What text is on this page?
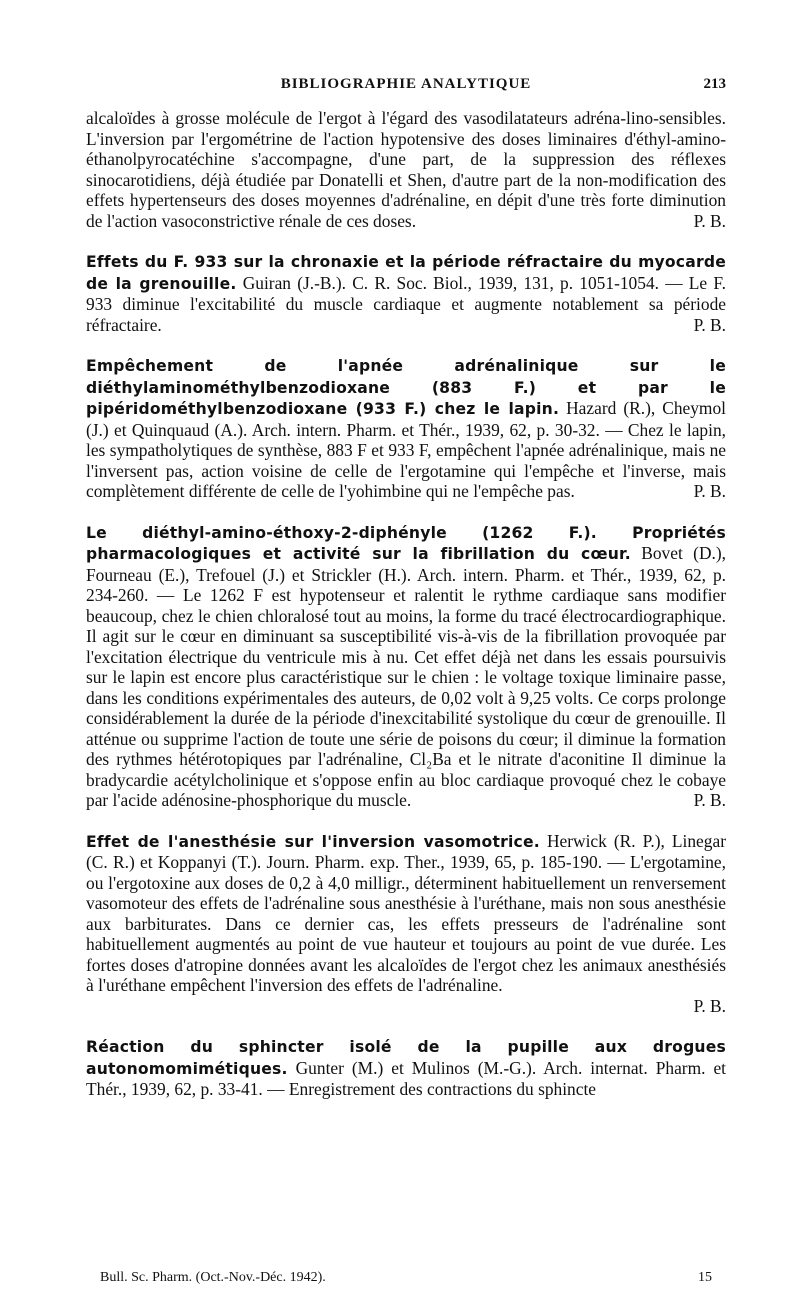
BIBLIOGRAPHIE ANALYTIQUE	213

alcaloïdes à grosse molécule de l'ergot à l'égard des vasodilatateurs adréna-lino-sensibles. L'inversion par l'ergométrine de l'action hypotensive des doses liminaires d'éthyl-amino-éthanolpyrocatéchine s'accompagne, d'une part, de la suppression des réflexes sinocarotidiens, déjà étudiée par Donatelli et Shen, d'autre part de la non-modification des effets hypertenseurs des doses moyennes d'adrénaline, en dépit d'une très forte diminution de l'action vasoconstrictive rénale de ces doses.	P. B.

Effets du F. 933 sur la chronaxie et la période réfractaire du myocarde de la grenouille. Guiran (J.-B.). C. R. Soc. Biol., 1939, 131, p. 1051-1054. — Le F. 933 diminue l'excitabilité du muscle cardiaque et augmente notablement sa période réfractaire.	P. B.

Empêchement de l'apnée adrénalinique sur le diéthylaminométhylbenzodioxane (883 F.) et par le pipéridométhylbenzodioxane (933 F.) chez le lapin. Hazard (R.), Cheymol (J.) et Quinquaud (A.). Arch. intern. Pharm. et Thér., 1939, 62, p. 30-32. — Chez le lapin, les sympatholytiques de synthèse, 883 F et 933 F, empêchent l'apnée adrénalinique, mais ne l'inversent pas, action voisine de celle de l'ergotamine qui l'empêche et l'inverse, mais complètement différente de celle de l'yohimbine qui ne l'empêche pas.	P. B.

Le diéthyl-amino-éthoxy-2-diphényle (1262 F.). Propriétés pharmacologiques et activité sur la fibrillation du cœur. Bovet (D.), Fourneau (E.), Trefouel (J.) et Strickler (H.). Arch. intern. Pharm. et Thér., 1939, 62, p. 234-260. — Le 1262 F est hypotenseur et ralentit le rythme cardiaque sans modifier beaucoup, chez le chien chloralosé tout au moins, la forme du tracé électrocardiographique. Il agit sur le cœur en diminuant sa susceptibilité vis-à-vis de la fibrillation provoquée par l'excitation électrique du ventricule mis à nu. Cet effet déjà net dans les essais poursuivis sur le lapin est encore plus caractéristique sur le chien : le voltage toxique liminaire passe, dans les conditions expérimentales des auteurs, de 0,02 volt à 9,25 volts. Ce corps prolonge considérablement la durée de la période d'inexcitabilité systolique du cœur de grenouille. Il atténue ou supprime l'action de toute une série de poisons du cœur; il diminue la formation des rythmes hétérotopiques par l'adrénaline, Cl₂Ba et le nitrate d'aconitine Il diminue la bradycardie acétylcholinique et s'oppose enfin au bloc cardiaque provoqué chez le cobaye par l'acide adénosine-phosphorique du muscle.	P. B.

Effet de l'anesthésie sur l'inversion vasomotrice. Herwick (R. P.), Linegar (C. R.) et Koppanyi (T.). Journ. Pharm. exp. Ther., 1939, 65, p. 185-190. — L'ergotamine, ou l'ergotoxine aux doses de 0,2 à 4,0 milligr., déterminent habituellement un renversement vasomoteur des effets de l'adrénaline sous anesthésie à l'uréthane, mais non sous anesthésie aux barbiturates. Dans ce dernier cas, les effets presseurs de l'adrénaline sont habituellement augmentés au point de vue hauteur et toujours au point de vue durée. Les fortes doses d'atropine données avant les alcaloïdes de l'ergot chez les animaux anesthésiés à l'uréthane empêchent l'inversion des effets de l'adrénaline.

P. B.

Réaction du sphincter isolé de la pupille aux drogues autonomomimétiques. Gunter (M.) et Mulinos (M.-G.). Arch. internat. Pharm. et Thér., 1939, 62, p. 33-41. — Enregistrement des contractions du sphincte

Bull. Sc. Pharm. (Oct.-Nov.-Déc. 1942).	15
